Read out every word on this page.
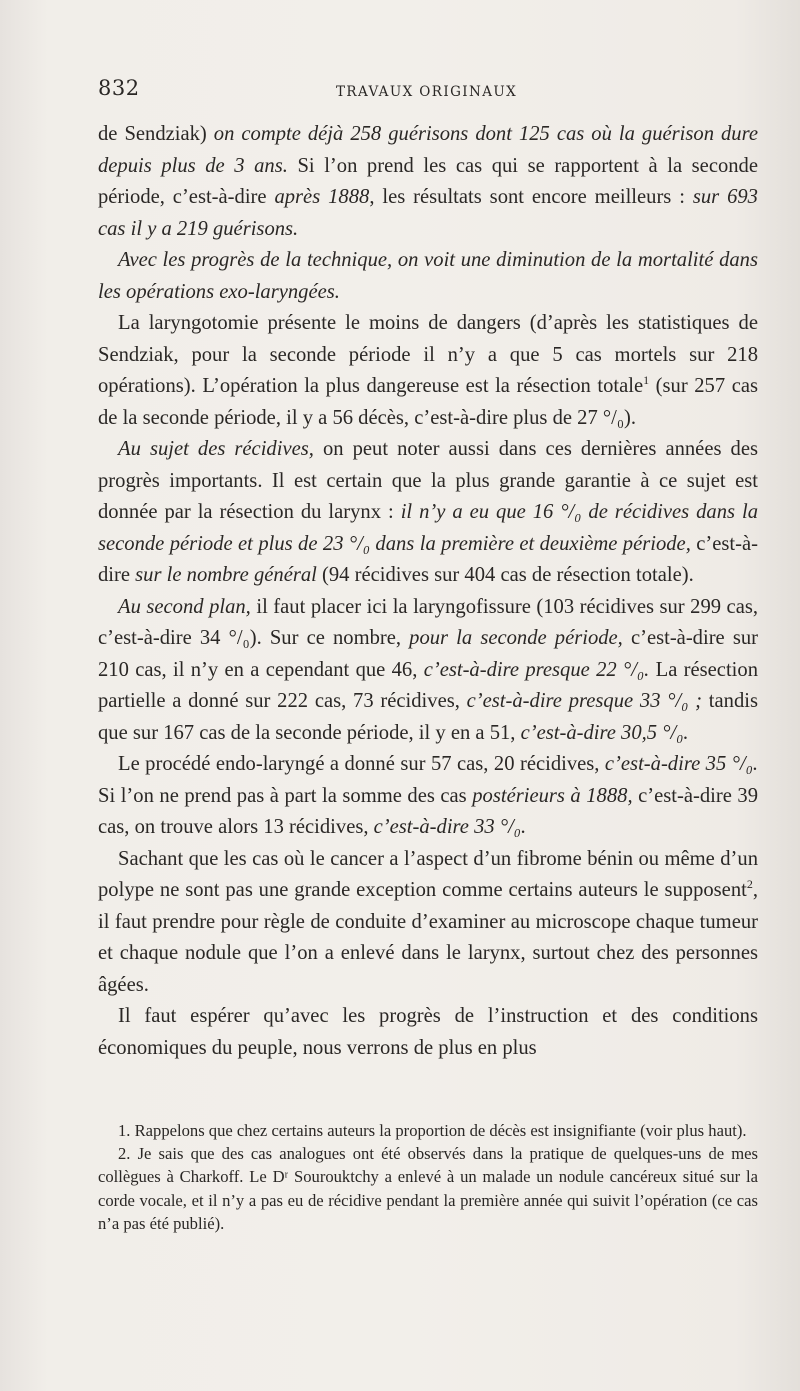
832	TRAVAUX ORIGINAUX

de Sendziak) on compte déjà 258 guérisons dont 125 cas où la guérison dure depuis plus de 3 ans. Si l’on prend les cas qui se rapportent à la seconde période, c’est-à-dire après 1888, les résultats sont encore meilleurs : sur 693 cas il y a 219 guérisons.

Avec les progrès de la technique, on voit une diminution de la mortalité dans les opérations exo-laryngées.

La laryngotomie présente le moins de dangers (d’après les statistiques de Sendziak, pour la seconde période il n’y a que 5 cas mortels sur 218 opérations). L’opération la plus dangereuse est la résection totale$^1$ (sur 257 cas de la seconde période, il y a 56 décès, c’est-à-dire plus de 27 °/₀).

Au sujet des récidives, on peut noter aussi dans ces dernières années des progrès importants. Il est certain que la plus grande garantie à ce sujet est donnée par la résection du larynx : il n’y a eu que 16 °/₀ de récidives dans la seconde période et plus de 23 °/₀ dans la première et deuxième période, c’est-à-dire sur le nombre général (94 récidives sur 404 cas de résection totale).

Au second plan, il faut placer ici la laryngofissure (103 récidives sur 299 cas, c’est-à-dire 34 °/₀). Sur ce nombre, pour la seconde période, c’est-à-dire sur 210 cas, il n’y en a cependant que 46, c’est-à-dire presque 22 °/₀. La résection partielle a donné sur 222 cas, 73 récidives, c’est-à-dire presque 33 °/₀ ; tandis que sur 167 cas de la seconde période, il y en a 51, c’est-à-dire 30,5 °/₀.

Le procédé endo-laryngé a donné sur 57 cas, 20 récidives, c’est-à-dire 35 °/₀. Si l’on ne prend pas à part la somme des cas postérieurs à 1888, c’est-à-dire 39 cas, on trouve alors 13 récidives, c’est-à-dire 33 °/₀.

Sachant que les cas où le cancer a l’aspect d’un fibrome bénin ou même d’un polype ne sont pas une grande exception comme certains auteurs le supposent$^2$, il faut prendre pour règle de conduite d’examiner au microscope chaque tumeur et chaque nodule que l’on a enlevé dans le larynx, surtout chez des personnes âgées.

Il faut espérer qu’avec les progrès de l’instruction et des conditions économiques du peuple, nous verrons de plus en plus

1. Rappelons que chez certains auteurs la proportion de décès est insignifiante (voir plus haut).

2. Je sais que des cas analogues ont été observés dans la pratique de quelques-uns de mes collègues à Charkoff. Le Dʳ Sourouktchy a enlevé à un malade un nodule cancéreux situé sur la corde vocale, et il n’y a pas eu de récidive pendant la première année qui suivit l’opération (ce cas n’a pas été publié).
